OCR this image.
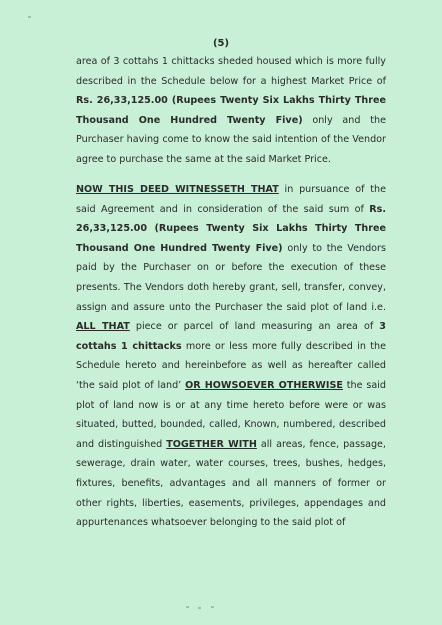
(5)

area of 3 cottahs 1 chittacks sheded housed which is more fully described in the Schedule below for a highest Market Price of Rs. 26,33,125.00 (Rupees Twenty Six Lakhs Thirty Three Thousand One Hundred Twenty Five) only and the Purchaser having come to know the said intention of the Vendor agree to purchase the same at the said Market Price.

NOW THIS DEED WITNESSETH THAT in pursuance of the said Agreement and in consideration of the said sum of Rs. 26,33,125.00 (Rupees Twenty Six Lakhs Thirty Three Thousand One Hundred Twenty Five) only to the Vendors paid by the Purchaser on or before the execution of these presents. The Vendors doth hereby grant, sell, transfer, convey, assign and assure unto the Purchaser the said plot of land i.e. ALL THAT piece or parcel of land measuring an area of 3 cottahs 1 chittacks more or less more fully described in the Schedule hereto and hereinbefore as well as hereafter called ‘the said plot of land’ OR HOWSOEVER OTHERWISE the said plot of land now is or at any time hereto before were or was situated, butted, bounded, called, Known, numbered, described and distinguished TOGETHER WITH all areas, fence, passage, sewerage, drain water, water courses, trees, bushes, hedges, fixtures, benefits, advantages and all manners of former or other rights, liberties, easements, privileges, appendages and appurtenances whatsoever belonging to the said plot of
